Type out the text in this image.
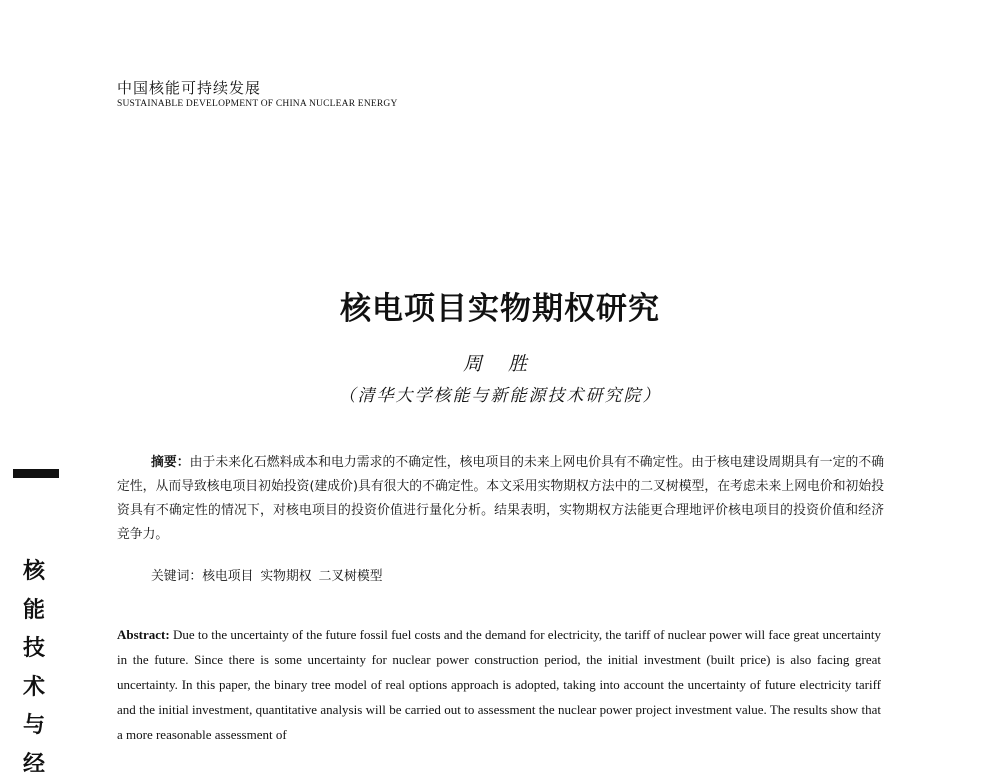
中国核能可持续发展
SUSTAINABLE DEVELOPMENT OF CHINA NUCLEAR ENERGY
核电项目实物期权研究
周 胜
（清华大学核能与新能源技术研究院）
核
能
技
术
与
经
摘要：由于未来化石燃料成本和电力需求的不确定性，核电项目的未来上网电价具有不确定性。由于核电建设周期具有一定的不确定性，从而导致核电项目初始投资(建成价)具有很大的不确定性。本文采用实物期权方法中的二叉树模型，在考虑未来上网电价和初始投资具有不确定性的情况下，对核电项目的投资价值进行量化分析。结果表明，实物期权方法能更合理地评价核电项目的投资价值和经济竞争力。
关键词：核电项目 实物期权 二叉树模型
Abstract: Due to the uncertainty of the future fossil fuel costs and the demand for electricity, the tariff of nuclear power will face great uncertainty in the future. Since there is some uncertainty for nuclear power construction period, the initial investment (built price) is also facing great uncertainty. In this paper, the binary tree model of real options approach is adopted, taking into account the uncertainty of future electricity tariff and the initial investment, quantitative analysis will be carried out to assessment the nuclear power project investment value. The results show that a more reasonable assessment of
